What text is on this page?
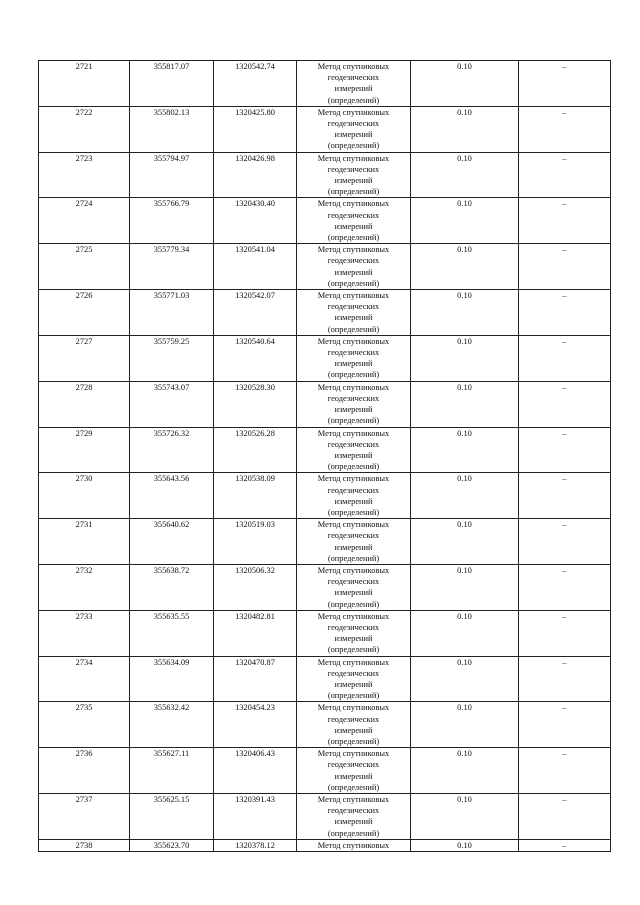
2721	355817.07	1320542.74	Метод спутниковых
геодезических
измерений
(определений)	0.10	–
2722	355802.13	1320425.80	Метод спутниковых
геодезических
измерений
(определений)	0.10	–
2723	355794.97	1320426.98	Метод спутниковых
геодезических
измерений
(определений)	0.10	–
2724	355766.79	1320430.40	Метод спутниковых
геодезических
измерений
(определений)	0.10	–
2725	355779.34	1320541.04	Метод спутниковых
геодезических
измерений
(определений)	0.10	–
2726	355771.03	1320542.07	Метод спутниковых
геодезических
измерений
(определений)	0.10	–
2727	355759.25	1320540.64	Метод спутниковых
геодезических
измерений
(определений)	0.10	–
2728	355743.07	1320528.30	Метод спутниковых
геодезических
измерений
(определений)	0.10	–
2729	355726.32	1320526.28	Метод спутниковых
геодезических
измерений
(определений)	0.10	–
2730	355643.56	1320538.09	Метод спутниковых
геодезических
измерений
(определений)	0.10	–
2731	355640.62	1320519.03	Метод спутниковых
геодезических
измерений
(определений)	0.10	–
2732	355638.72	1320506.32	Метод спутниковых
геодезических
измерений
(определений)	0.10	–
2733	355635.55	1320482.81	Метод спутниковых
геодезических
измерений
(определений)	0.10	–
2734	355634.09	1320470.87	Метод спутниковых
геодезических
измерений
(определений)	0.10	–
2735	355632.42	1320454.23	Метод спутниковых
геодезических
измерений
(определений)	0.10	–
2736	355627.11	1320406.43	Метод спутниковых
геодезических
измерений
(определений)	0.10	–
2737	355625.15	1320391.43	Метод спутниковых
геодезических
измерений
(определений)	0.10	–
2738	355623.70	1320378.12	Метод спутниковых	0.10	–
